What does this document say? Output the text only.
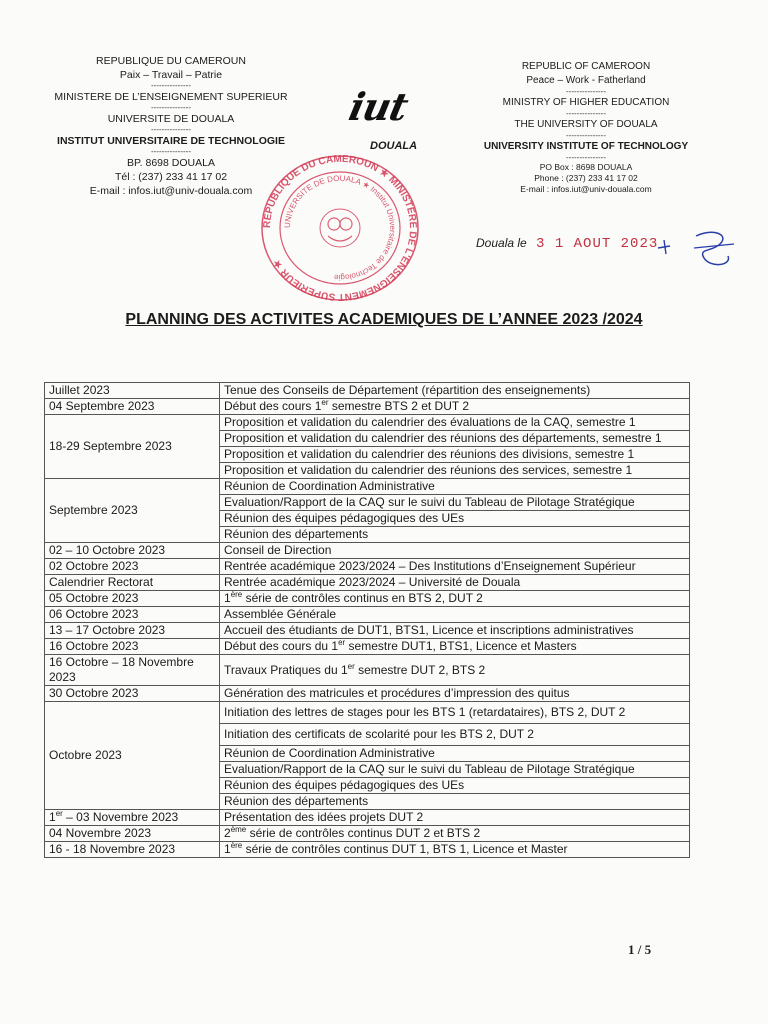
REPUBLIQUE DU CAMEROUN
Paix – Travail – Patrie
---------------
MINISTERE DE L’ENSEIGNEMENT SUPERIEUR
---------------
UNIVERSITE DE DOUALA
---------------
INSTITUT UNIVERSITAIRE DE TECHNOLOGIE
---------------
BP. 8698 DOUALA
Tél : (237) 233 41 17 02
E-mail : infos.iut@univ-douala.com
iut
DOUALA
REPUBLIC OF CAMEROON
Peace – Work - Fatherland
---------------
MINISTRY OF HIGHER EDUCATION
---------------
THE UNIVERSITY OF DOUALA
---------------
UNIVERSITY INSTITUTE OF TECHNOLOGY
---------------
PO Box : 8698 DOUALA
Phone : (237) 233 41 17 02
E-mail : infos.iut@univ-douala.com
REPUBLIQUE DU CAMEROUN ★ MINISTERE DE L'ENSEIGNEMENT SUPERIEUR ★
UNIVERSITE DE DOUALA ★ Institut Universitaire de Technologie
Douala le 3 1 AOUT 2023
PLANNING DES ACTIVITES ACADEMIQUES DE L’ANNEE 2023 /2024
Juillet 2023	Tenue des Conseils de Département (répartition des enseignements)
04 Septembre 2023	Début des cours 1er semestre BTS 2 et DUT 2
18-29 Septembre 2023	Proposition et validation du calendrier des évaluations de la CAQ, semestre 1
	Proposition et validation du calendrier des réunions des départements, semestre 1
	Proposition et validation du calendrier des réunions des divisions, semestre 1
	Proposition et validation du calendrier des réunions des services, semestre 1
Septembre 2023	Réunion de Coordination Administrative
	Evaluation/Rapport de la CAQ sur le suivi du Tableau de Pilotage Stratégique
	Réunion des équipes pédagogiques des UEs
	Réunion des départements
02 – 10 Octobre 2023	Conseil de Direction
02 Octobre 2023	Rentrée académique 2023/2024 – Des Institutions d’Enseignement Supérieur
Calendrier Rectorat	Rentrée académique 2023/2024 – Université de Douala
05 Octobre 2023	1ère série de contrôles continus en BTS 2, DUT 2
06 Octobre 2023	Assemblée Générale
13 – 17 Octobre 2023	Accueil des étudiants de DUT1, BTS1, Licence et inscriptions administratives
16 Octobre 2023	Début des cours du 1er semestre DUT1, BTS1, Licence et Masters
16 Octobre – 18 Novembre 2023	Travaux Pratiques du 1er semestre DUT 2, BTS 2
30 Octobre 2023	Génération des matricules et procédures d’impression des quitus
Octobre 2023	Initiation des lettres de stages pour les BTS 1 (retardataires), BTS 2, DUT 2
	Initiation des certificats de scolarité pour les BTS 2, DUT 2
	Réunion de Coordination Administrative
	Evaluation/Rapport de la CAQ sur le suivi du Tableau de Pilotage Stratégique
	Réunion des équipes pédagogiques des UEs
	Réunion des départements
1er – 03 Novembre 2023	Présentation des idées projets DUT 2
04 Novembre 2023	2ème série de contrôles continus DUT 2 et BTS 2
16 - 18 Novembre 2023	1ère série de contrôles continus DUT 1, BTS 1, Licence et Master
1 / 5
